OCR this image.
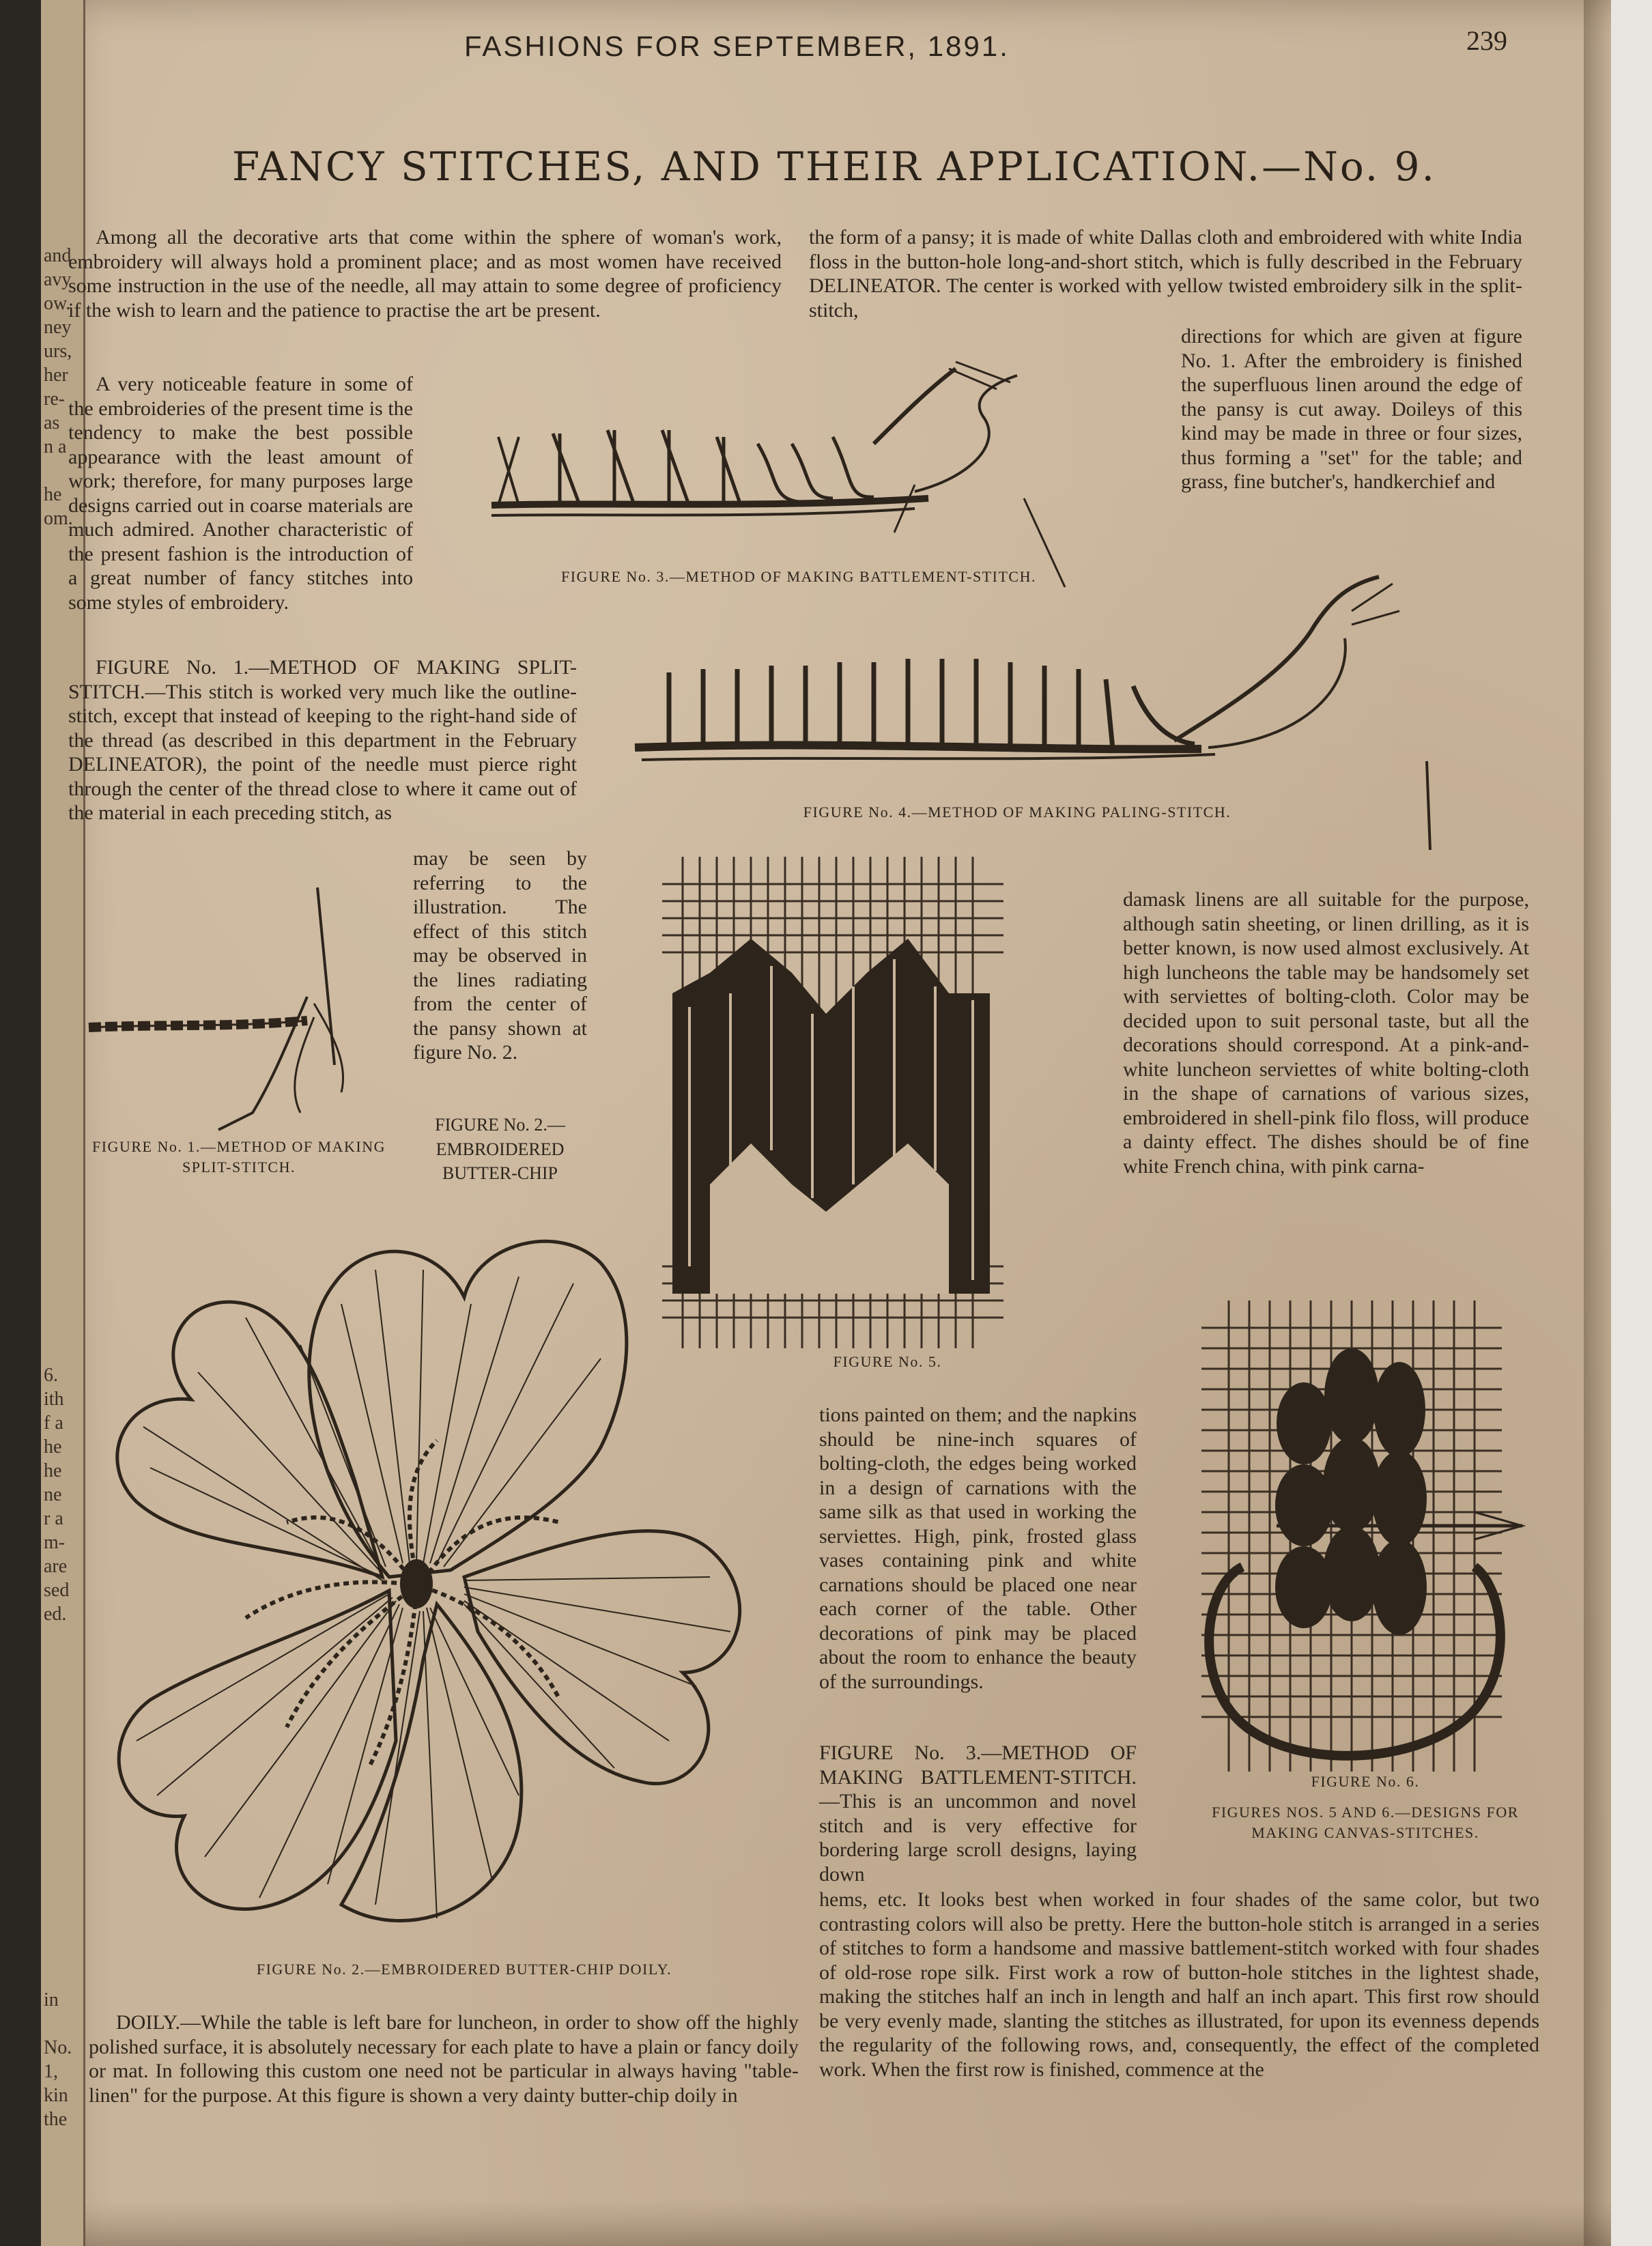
and
avy
ow.
ney
urs,
her
re-
as
n a
he
om.
6.
ith
f a
he
he
ne
r a
m-
are
sed
ed.
in
No.
1,
kin
the
FASHIONS FOR SEPTEMBER, 1891.	239
FANCY STITCHES, AND THEIR APPLICATION.—No. 9.
Among all the decorative arts that come within the sphere of woman's work, embroidery will always hold a prominent place; and as most women have received some instruction in the use of the needle, all may attain to some degree of proficiency if the wish to learn and the patience to practise the art be present.
A very noticeable feature in some of the embroideries of the present time is the tendency to make the best possible appearance with the least amount of work; therefore, for many purposes large designs carried out in coarse materials are much admired. Another characteristic of the present fashion is the introduction of a great number of fancy stitches into some styles of embroidery.
FIGURE No. 1.—METHOD OF MAKING SPLIT-STITCH.—This stitch is worked very much like the outline-stitch, except that instead of keeping to the right-hand side of the thread (as described in this department in the February DELINEATOR), the point of the needle must pierce right through the center of the thread close to where it came out of the material in each preceding stitch, as
may be seen by referring to the illustration. The effect of this stitch may be observed in the lines radiating from the center of the pansy shown at figure No. 2.
FIGURE No. 2.—EMBROIDERED BUTTER-CHIP
the form of a pansy; it is made of white Dallas cloth and embroidered with white India floss in the button-hole long-and-short stitch, which is fully described in the February DELINEATOR. The center is worked with yellow twisted embroidery silk in the split-stitch,
directions for which are given at figure No. 1. After the embroidery is finished the superfluous linen around the edge of the pansy is cut away. Doileys of this kind may be made in three or four sizes, thus forming a "set" for the table; and grass, fine butcher's, handkerchief and
damask linens are all suitable for the purpose, although satin sheeting, or linen drilling, as it is better known, is now used almost exclusively. At high luncheons the table may be handsomely set with serviettes of bolting-cloth. Color may be decided upon to suit personal taste, but all the decorations should correspond. At a pink-and-white luncheon serviettes of white bolting-cloth in the shape of carnations of various sizes, embroidered in shell-pink filo floss, will produce a dainty effect. The dishes should be of fine white French china, with pink carna-
tions painted on them; and the napkins should be nine-inch squares of bolting-cloth, the edges being worked in a design of carnations with the same silk as that used in working the serviettes. High, pink, frosted glass vases containing pink and white carnations should be placed one near each corner of the table. Other decorations of pink may be placed about the room to enhance the beauty of the surroundings.
FIGURE No. 3.—METHOD OF MAKING BATTLEMENT-STITCH. —This is an uncommon and novel stitch and is very effective for bordering large scroll designs, laying down
hems, etc. It looks best when worked in four shades of the same color, but two contrasting colors will also be pretty. Here the button-hole stitch is arranged in a series of stitches to form a handsome and massive battlement-stitch worked with four shades of old-rose rope silk. First work a row of button-hole stitches in the lightest shade, making the stitches half an inch in length and half an inch apart. This first row should be very evenly made, slanting the stitches as illustrated, for upon its evenness depends the regularity of the following rows, and, consequently, the effect of the completed work. When the first row is finished, commence at the
DOILY.—While the table is left bare for luncheon, in order to show off the highly polished surface, it is absolutely necessary for each plate to have a plain or fancy doily or mat. In following this custom one need not be particular in always having "table-linen" for the purpose. At this figure is shown a very dainty butter-chip doily in
FIGURE No. 1.—METHOD OF MAKING SPLIT-STITCH.
FIGURE No. 3.—METHOD OF MAKING BATTLEMENT-STITCH.
FIGURE No. 4.—METHOD OF MAKING PALING-STITCH.
FIGURE No. 5.
FIGURE No. 6.
FIGURES NOS. 5 AND 6.—DESIGNS FOR MAKING CANVAS-STITCHES.
FIGURE No. 2.—EMBROIDERED BUTTER-CHIP DOILY.
